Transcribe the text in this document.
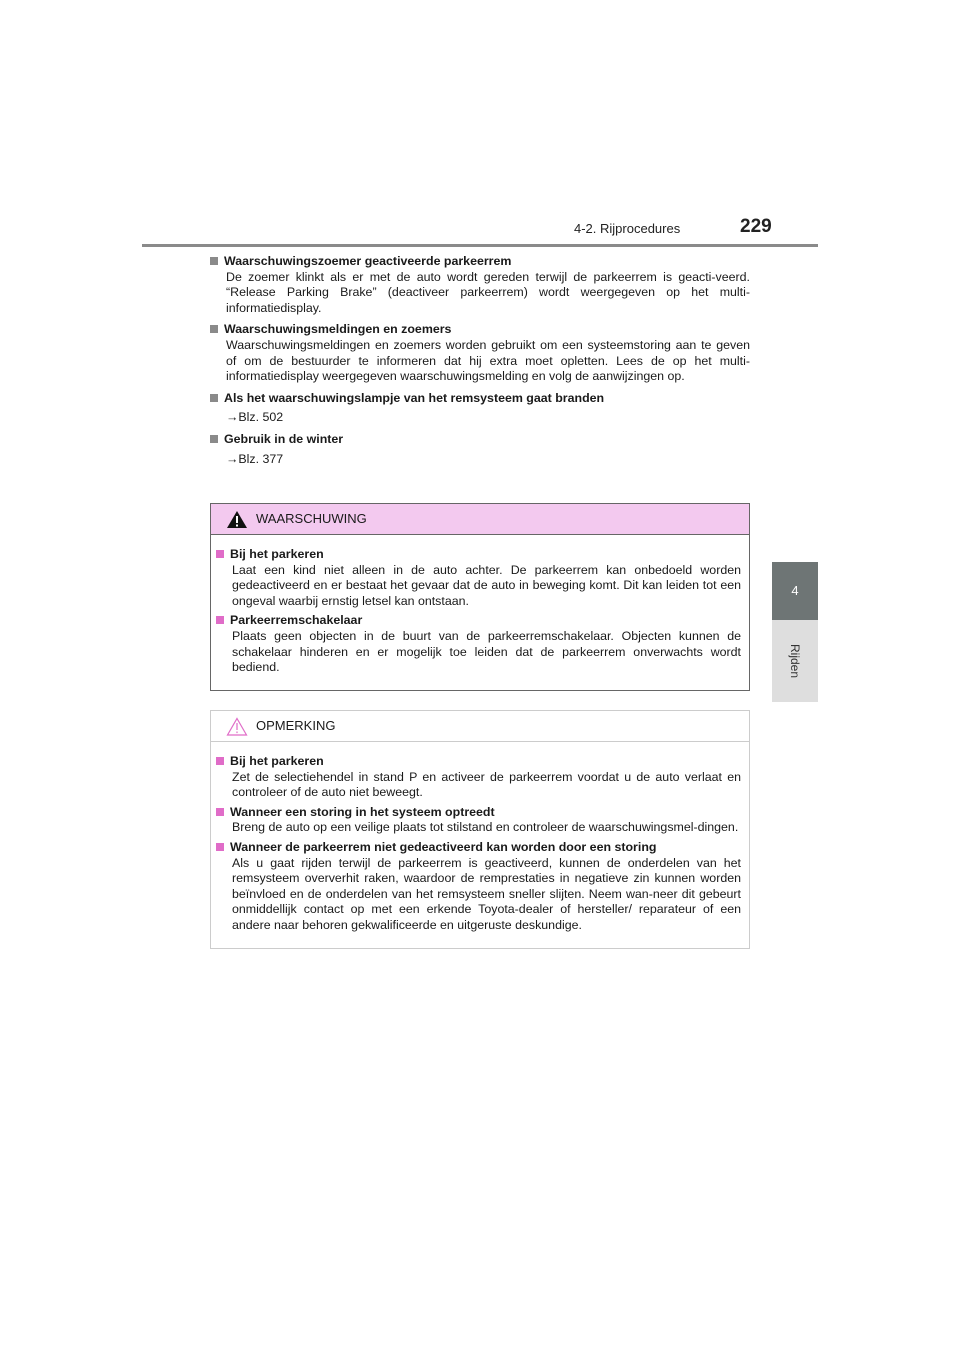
4-2. Rijprocedures	229
4
Rijden
Waarschuwingszoemer geactiveerde parkeerrem
De zoemer klinkt als er met de auto wordt gereden terwijl de parkeerrem is geacti-veerd. “Release Parking Brake” (deactiveer parkeerrem) wordt weergegeven op het multi-informatiedisplay.
Waarschuwingsmeldingen en zoemers
Waarschuwingsmeldingen en zoemers worden gebruikt om een systeemstoring aan te geven of om de bestuurder te informeren dat hij extra moet opletten. Lees de op het multi-informatiedisplay weergegeven waarschuwingsmelding en volg de aanwijzingen op.
Als het waarschuwingslampje van het remsysteem gaat branden
→Blz. 502
Gebruik in de winter
→Blz. 377
WAARSCHUWING
Bij het parkeren
Laat een kind niet alleen in de auto achter. De parkeerrem kan onbedoeld worden gedeactiveerd en er bestaat het gevaar dat de auto in beweging komt. Dit kan leiden tot een ongeval waarbij ernstig letsel kan ontstaan.
Parkeerremschakelaar
Plaats geen objecten in de buurt van de parkeerremschakelaar. Objecten kunnen de schakelaar hinderen en er mogelijk toe leiden dat de parkeerrem onverwachts wordt bediend.
OPMERKING
Bij het parkeren
Zet de selectiehendel in stand P en activeer de parkeerrem voordat u de auto verlaat en controleer of de auto niet beweegt.
Wanneer een storing in het systeem optreedt
Breng de auto op een veilige plaats tot stilstand en controleer de waarschuwingsmel-dingen.
Wanneer de parkeerrem niet gedeactiveerd kan worden door een storing
Als u gaat rijden terwijl de parkeerrem is geactiveerd, kunnen de onderdelen van het remsysteem oververhit raken, waardoor de remprestaties in negatieve zin kunnen worden beïnvloed en de onderdelen van het remsysteem sneller slijten. Neem wan-neer dit gebeurt onmiddellijk contact op met een erkende Toyota-dealer of hersteller/ reparateur of een andere naar behoren gekwalificeerde en uitgeruste deskundige.
